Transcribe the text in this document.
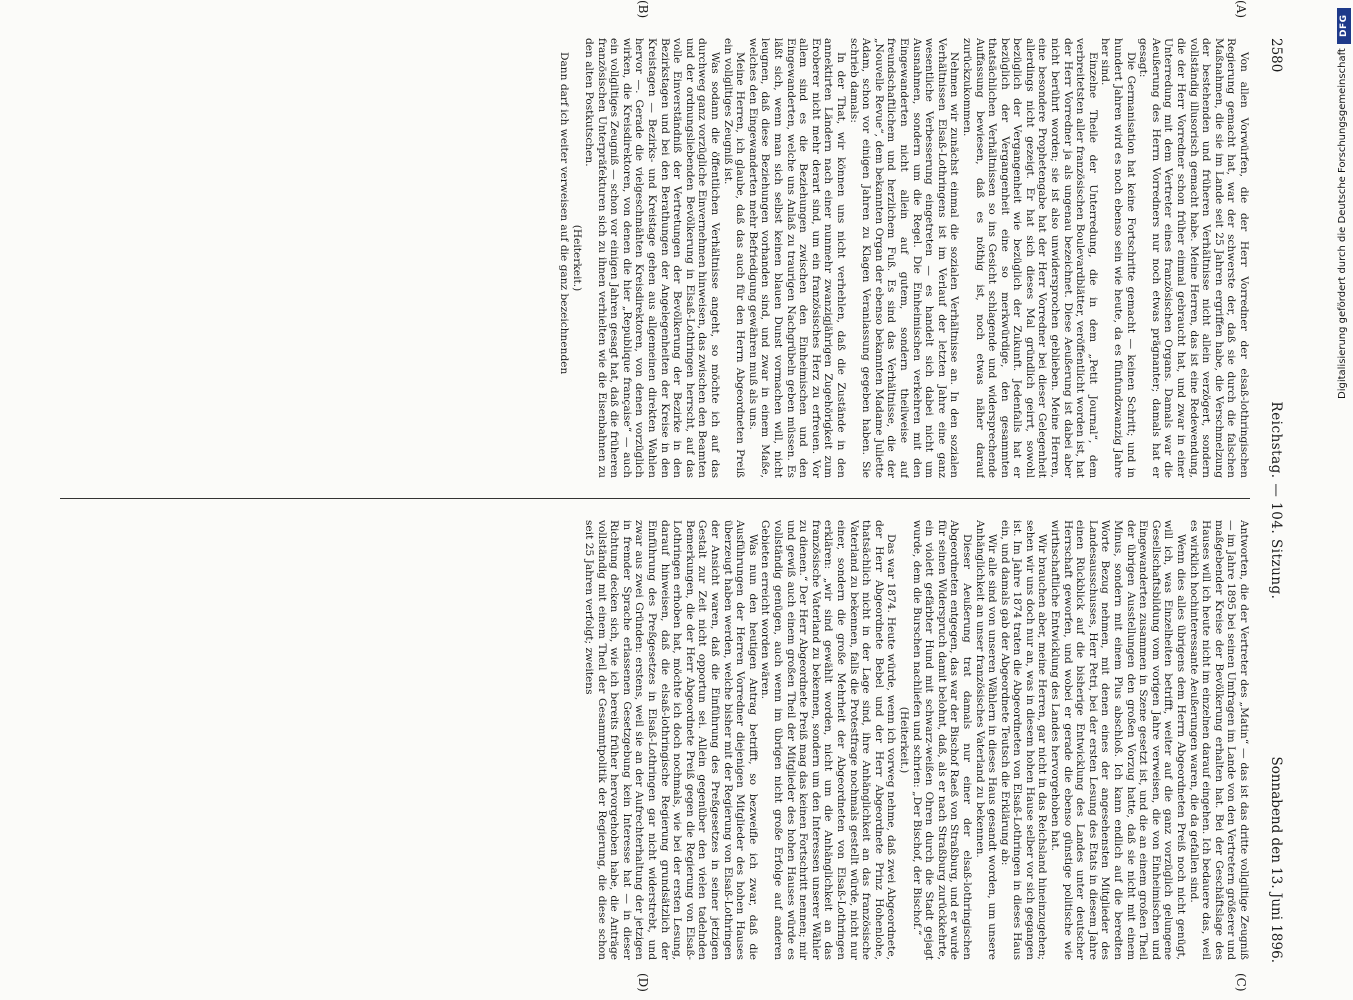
2580
Reichstag. — 104. Sitzung.
Sonnabend den 13. Juni 1896.
(A)
(B)
(C)
(D)

Von allen Vorwürfen, die der Herr Vorredner der elsaß-lothringischen Regierung gemacht hat, war der schwerste der, daß sie durch die falschen Maßnahmen, die sie im Lande seit 25 Jahren ergriffen habe, die Verschmelzung der bestehenden und früheren Verhältnisse nicht allein verzögert, sondern vollständig illusorisch gemacht habe. Meine Herren, das ist eine Redewendung, die der Herr Vorredner schon früher einmal gebraucht hat, und zwar in einer Unterredung mit dem Vertreter eines französischen Organs. Damals war die Aeußerung des Herrn Vorredners nur noch etwas prägnanter; damals hat er gesagt:

Die Germanisation hat keine Fortschritte gemacht — keinen Schritt; und in hundert Jahren wird es noch ebenso sein wie heute, da es fünfundzwanzig Jahre her sind.

Einzelne Theile der Unterredung, die in dem „Petit Journal“, dem verbreitetsten aller französischen Boulevardblätter, veröffentlicht worden ist, hat der Herr Vorredner ja als ungenau bezeichnet. Diese Aeußerung ist dabei aber nicht berührt worden; sie ist also unwidersprochen geblieben. Meine Herren, eine besondere Prophetengabe hat der Herr Vorredner bei dieser Gelegenheit allerdings nicht gezeigt. Er hat sich dieses Mal gründlich geirrt, sowohl bezüglich der Vergangenheit wie bezüglich der Zukunft. Jedenfalls hat er bezüglich der Vergangenheit eine so merkwürdige, den gesammten thatsächlichen Verhältnissen so ins Gesicht schlagende und widersprechende Auffassung bewiesen, daß es nöthig ist, noch etwas näher darauf zurückzukommen.

Nehmen wir zunächst einmal die sozialen Verhältnisse an. In den sozialen Verhältnissen Elsaß-Lothringens ist im Verlauf der letzten Jahre eine ganz wesentliche Verbesserung eingetreten — es handelt sich dabei nicht um Ausnahmen, sondern um die Regel. Die Einheimischen verkehren mit den Eingewanderten nicht allein auf gutem, sondern theilweise auf freundschaftlichem und herzlichem Fuß. Es sind das Verhältnisse, die der „Nouvelle Revue“, dem bekannten Organ der ebenso bekannten Madame Juliette Adam, schon vor einigen Jahren zu Klagen Veranlassung gegeben haben. Sie schrieb damals:

In der That, wir können uns nicht verhehlen, daß die Zustände in den annektirten Ländern nach einer nunmehr zwanzigjährigen Zugehörigkeit zum Eroberer nicht mehr derart sind, um ein französisches Herz zu erfreuen. Vor allem sind es die Beziehungen zwischen den Einheimischen und den Eingewanderten, welche uns Anlaß zu traurigen Nachgrübeln geben müssen. Es läßt sich, wenn man sich selbst keinen blauen Dunst vormachen will, nicht leugnen, daß diese Beziehungen vorhanden sind, und zwar in einem Maße, welches den Eingewanderten mehr Befriedigung gewähren muß als uns.

Meine Herren, ich glaube, daß das auch für den Herrn Abgeordneten Preiß ein vollgiltiges Zeugniß ist.

Was sodann die öffentlichen Verhältnisse angeht, so möchte ich auf das durchweg ganz vorzügliche Einvernehmen hinweisen, das zwischen den Beamten und der ordnungsliebenden Bevölkerung in Elsaß-Lothringen herrscht, auf das volle Einverständniß der Vertretungen der Bevölkerung der Bezirke in den Bezirkstagen und bei den Berathungen der Angelegenheiten der Kreise in den Kreistagen — Bezirks- und Kreistage gehen aus allgemeinen direkten Wahlen hervor —. Gerade die vielgeschmähten Kreisdirektoren, von denen vorzüglich wirken, die Kreisdirektoren, von denen die hier „Republique française“ — auch ein vollgiltiges Zeugniß — schon vor einigen Jahren gesagt hat, daß die früheren französischen Unterpräfekturen sich zu ihnen verhielten wie die Eisenbahnen zu den alten Postkutschen.

(Heiterkeit.)

Dann darf ich weiter verweisen auf die ganz bezeichnenden

Antworten, die der Vertreter des „Matin“ — das ist das dritte vollgiltige Zeugniß — im Jahre 1895 bei seinen Umfragen im Lande von den Vertretern größerer und maßgebender Kreise der Bevölkerung erhalten hat. Bei der Geschäftslage des Hauses will ich heute nicht im einzelnen darauf eingehen. Ich bedauere das, weil es wirklich hochinteressante Aeußerungen waren, die da gefallen sind.

Wenn dies alles übrigens dem Herrn Abgeordneten Preiß noch nicht genügt, will ich, was Einzelheiten betrifft, weiter auf die ganz vorzüglich gelungene Gesellschaftsbildung vom vorigen Jahre verweisen, die von Einheimischen und Eingewanderten zusammen in Szene gesetzt ist, und die an einem großen Theil der übrigen Ausstellungen den großen Vorzug hatte, daß sie nicht mit einem Minus, sondern mit einem Plus abschloß. Ich kann endlich auf die beredten Worte Bezug nehmen, mit denen eines der angesehensten Mitglieder des Landesausschusses, Herr Petri, bei der ersten Lesung des Etats in diesem Jahre einen Rückblick auf die bisherige Entwicklung des Landes unter deutscher Herrschaft geworfen, und wobei er gerade die ebenso günstige politische wie wirthschaftliche Entwicklung des Landes hervorgehoben hat.

Wir brauchen aber, meine Herren, gar nicht in das Reichsland hineinzugehen; sehen wir uns doch nur an, was in diesem hohen Hause selber vor sich gegangen ist. Im Jahre 1874 traten die Abgeordneten von Elsaß-Lothringen in dieses Haus ein, und damals gab der Abgeordnete Teutsch die Erklärung ab:

Wir alle sind von unseren Wählern in dieses Haus gesandt worden, um unsere Anhänglichkeit an unser französisches Vaterland zu bekennen.

Dieser Aeußerung trat damals nur einer der elsaß-lothringischen Abgeordneten entgegen, das war der Bischof Raeß von Straßburg, und er wurde für seinen Widerspruch damit belohnt, daß, als er nach Straßburg zurückkehrte, ein violett gefärbter Hund mit schwarz-weißen Ohren durch die Stadt gejagt wurde, dem die Burschen nachliefen und schrien: „Der Bischof, der Bischof.“

(Heiterkeit.)

Das war 1874. Heute würde, wenn ich vorweg nehme, daß zwei Abgeordnete, der Herr Abgeordnete Bebel und der Herr Abgeordnete Prinz Hohenlohe, thatsächlich nicht in der Lage sind, ihre Anhänglichkeit an das französische Vaterland zu bekennen, falls die Protestfrage nochmals gestellt würde, nicht nur einer, sondern die große Mehrheit der Abgeordneten von Elsaß-Lothringen erklären: „wir sind gewählt worden, nicht um die Anhänglichkeit an das französische Vaterland zu bekennen, sondern um den Interessen unserer Wähler zu dienen.“ Der Herr Abgeordnete Preiß mag das keinen Fortschritt nennen; mir und gewiß auch einem großen Theil der Mitglieder des hohen Hauses würde es vollständig genügen, auch wenn im übrigen nicht große Erfolge auf anderen Gebieten erreicht worden wären.

Was nun den heutigen Antrag betrifft, so bezweifle ich zwar, daß die Ausführungen der Herren Vorredner diejenigen Mitglieder des hohen Hauses überzeugt haben werden, welche bisher mit der Regierung von Elsaß-Lothringen der Ansicht waren, daß die Einführung des Preßgesetzes in seiner jetzigen Gestalt zur Zeit nicht opportun sei. Allein gegenüber den vielen tadelnden Bemerkungen, die der Herr Abgeordnete Preiß gegen die Regierung von Elsaß-Lothringen erhoben hat, möchte ich doch nochmals, wie bei der ersten Lesung, darauf hinweisen, daß die elsaß-lothringische Regierung grundsätzlich der Einführung des Preßgesetzes in Elsaß-Lothringen gar nicht widerstrebt, und zwar aus zwei Gründen: erstens, weil sie an der Aufrechterhaltung der jetzigen in fremder Sprache erlassenen Gesetzgebung kein Interesse hat — in dieser Richtung decken sich, wie ich bereits früher hervorgehoben habe, die Anträge vollständig mit einem Theil der Gesammtpolitik der Regierung, die diese schon seit 25 Jahren verfolgt; zweitens

DFG
Digitalisierung gefördert durch die Deutsche Forschungsgemeinschaft
